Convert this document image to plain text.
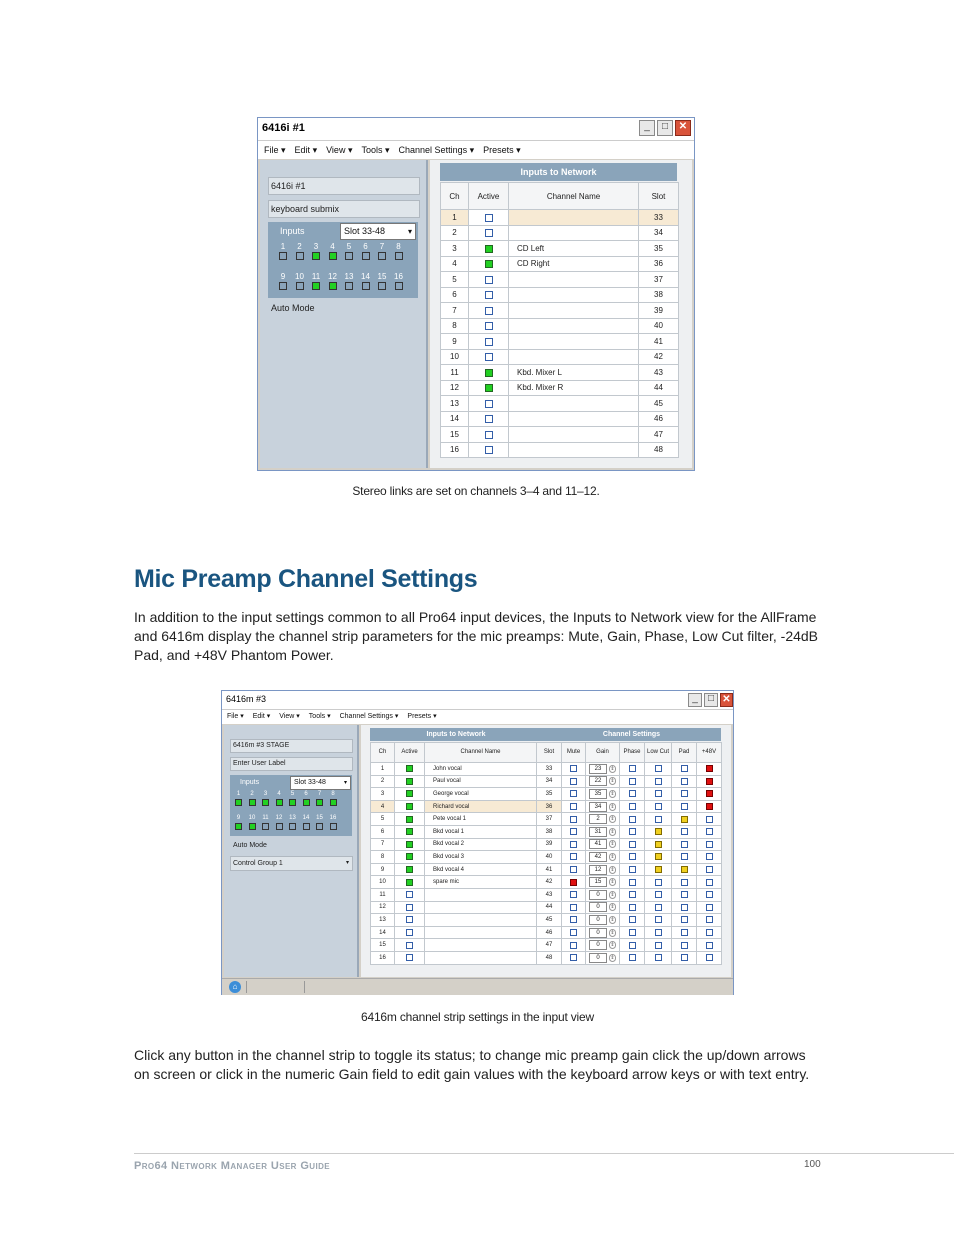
6416i #1	_	□	✕
File ▾ Edit ▾ View ▾ Tools ▾ Channel Settings ▾ Presets ▾
6416i #1
keyboard submix
Inputs	Slot 33-48	▾
1	2	3	4	5	6	7	8
9	10 11 12 13 14 15 16
Auto Mode
Inputs to Network
Ch	Active	Channel Name	Slot
1			33
2			34
3		CD Left	35
4		CD Right	36
5			37
6			38
7			39
8			40
9			41
10			42
11		Kbd. Mixer L	43
12		Kbd. Mixer R	44
13			45
14			46
15			47
16			48
Stereo links are set on channels 3–4 and 11–12.
Mic Preamp Channel Settings
In addition to the input settings common to all Pro64 input devices, the Inputs to Network view for the AllFrame and 6416m display the channel strip parameters for the mic preamps: Mute, Gain, Phase, Low Cut filter, -24dB Pad, and +48V Phantom Power.
6416m #3	_	□ ✕
File ▾ Edit ▾ View ▾ Tools ▾ Channel Settings ▾ Presets ▾
6416m #3 STAGE
Enter User Label
Inputs	Slot 33-48	▾
1	2	3	4	5	6	7	8
9	10	11	12	13	14	15	16
Auto Mode
Control Group 1	▾
Inputs to Network	Channel Settings
Ch	Active	Channel Name	Slot	Mute	Gain	Phase	Low Cut	Pad	+48V
1		John vocal	33		23 ⇕				
2		Paul vocal	34		22 ⇕				
3		George vocal	35		35 ⇕				
4		Richard vocal	36		34 ⇕				
5		Pete vocal 1	37		2 ⇕				
6		Bkd vocal 1	38		31 ⇕				
7		Bkd vocal 2	39		41 ⇕				
8		Bkd vocal 3	40		42 ⇕				
9		Bkd vocal 4	41		12 ⇕				
10		spare mic	42		15 ⇕				
11			43		0 ⇕				
12			44		0 ⇕				
13			45		0 ⇕				
14			46		0 ⇕				
15			47		0 ⇕				
16			48		0 ⇕				
⌂
6416m channel strip settings in the input view
Click any button in the channel strip to toggle its status; to change mic preamp gain click the up/down arrows on screen or click in the numeric Gain field to edit gain values with the keyboard arrow keys or with text entry.
Pro64 Network Manager User Guide	100
